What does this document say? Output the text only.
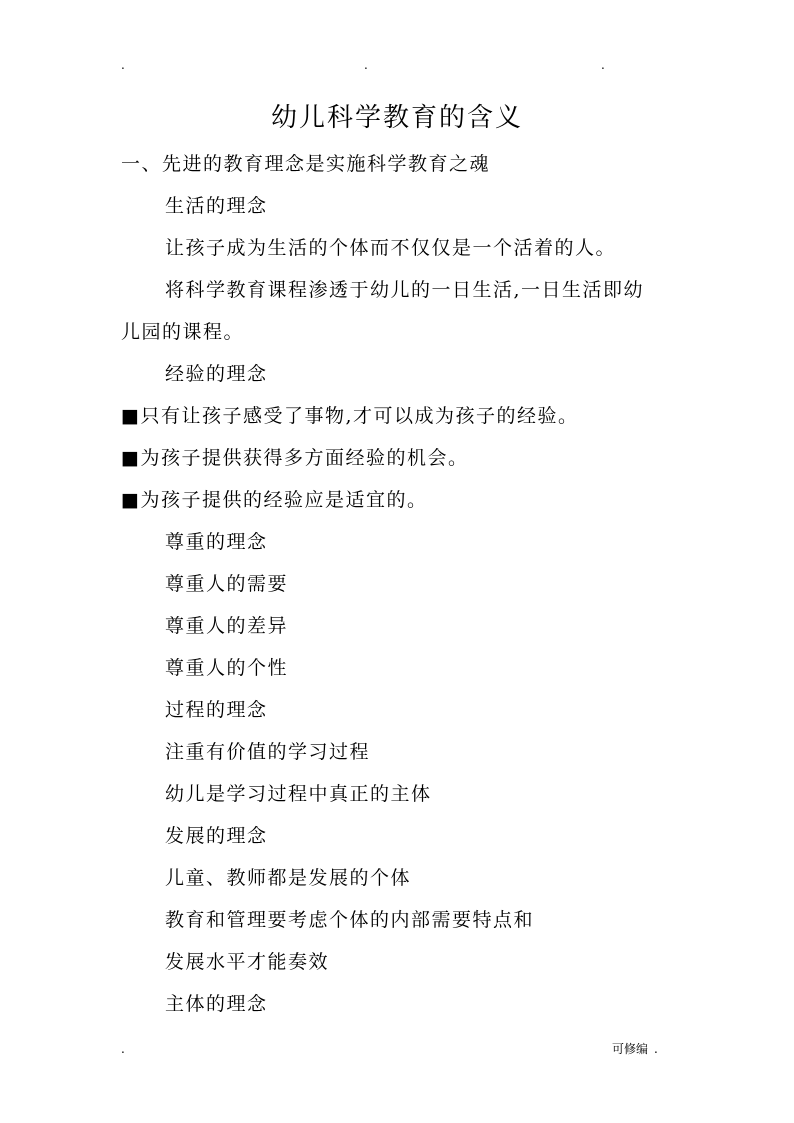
.	.	.
幼儿科学教育的含义
一、先进的教育理念是实施科学教育之魂
生活的理念
让孩子成为生活的个体而不仅仅是一个活着的人。
将科学教育课程渗透于幼儿的一日生活,一日生活即幼
儿园的课程。
经验的理念
■只有让孩子感受了事物,才可以成为孩子的经验。
■为孩子提供获得多方面经验的机会。
■为孩子提供的经验应是适宜的。
尊重的理念
尊重人的需要
尊重人的差异
尊重人的个性
过程的理念
注重有价值的学习过程
幼儿是学习过程中真正的主体
发展的理念
儿童、教师都是发展的个体
教育和管理要考虑个体的内部需要特点和
发展水平才能奏效
主体的理念
.	可修编 .
